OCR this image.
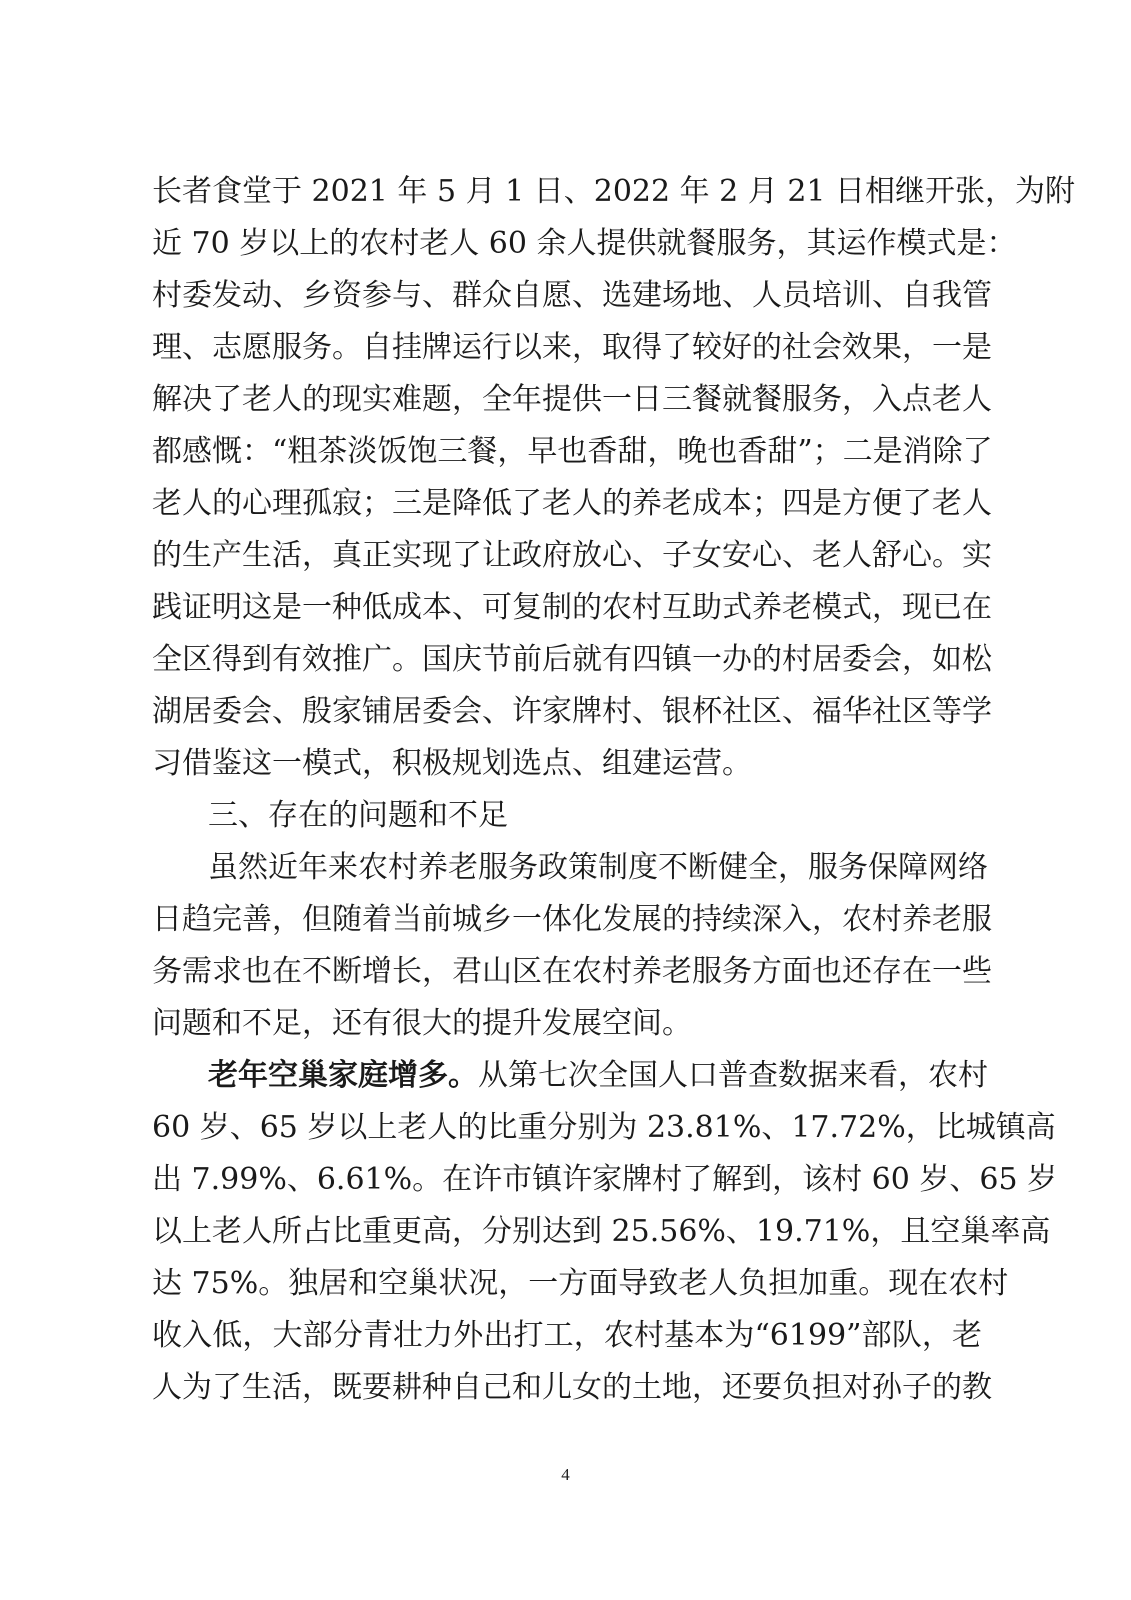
长者食堂于 2021 年 5 月 1 日、2022 年 2 月 21 日相继开张，为附

近 70 岁以上的农村老人 60 余人提供就餐服务，其运作模式是：

村委发动、乡资参与、群众自愿、选建场地、人员培训、自我管

理、志愿服务。自挂牌运行以来，取得了较好的社会效果，一是

解决了老人的现实难题，全年提供一日三餐就餐服务，入点老人

都感慨：“粗茶淡饭饱三餐，早也香甜，晚也香甜”；二是消除了

老人的心理孤寂；三是降低了老人的养老成本；四是方便了老人

的生产生活，真正实现了让政府放心、子女安心、老人舒心。实

践证明这是一种低成本、可复制的农村互助式养老模式，现已在

全区得到有效推广。国庆节前后就有四镇一办的村居委会，如松

湖居委会、殷家铺居委会、许家牌村、银杯社区、福华社区等学

习借鉴这一模式，积极规划选点、组建运营。

三、存在的问题和不足

虽然近年来农村养老服务政策制度不断健全，服务保障网络

日趋完善，但随着当前城乡一体化发展的持续深入，农村养老服

务需求也在不断增长，君山区在农村养老服务方面也还存在一些

问题和不足，还有很大的提升发展空间。

老年空巢家庭增多。从第七次全国人口普查数据来看，农村

60 岁、65 岁以上老人的比重分别为 23.81%、17.72%，比城镇高

出 7.99%、6.61%。在许市镇许家牌村了解到，该村 60 岁、65 岁

以上老人所占比重更高，分别达到 25.56%、19.71%，且空巢率高

达 75%。独居和空巢状况，一方面导致老人负担加重。现在农村

收入低，大部分青壮力外出打工，农村基本为“6199”部队，老

人为了生活，既要耕种自己和儿女的土地，还要负担对孙子的教

4
